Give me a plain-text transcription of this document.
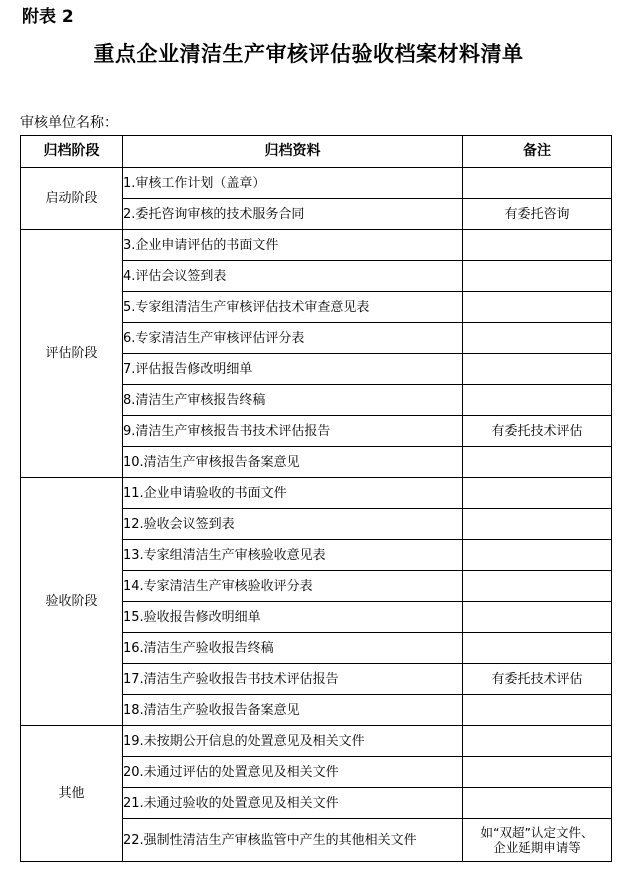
附表 2
重点企业清洁生产审核评估验收档案材料清单
审核单位名称：
归档阶段	归档资料	备注
启动阶段	1.审核工作计划（盖章）	
	2.委托咨询审核的技术服务合同	有委托咨询
评估阶段	3.企业申请评估的书面文件	
	4.评估会议签到表	
	5.专家组清洁生产审核评估技术审查意见表	
	6.专家清洁生产审核评估评分表	
	7.评估报告修改明细单	
	8.清洁生产审核报告终稿	
	9.清洁生产审核报告书技术评估报告	有委托技术评估
	10.清洁生产审核报告备案意见	
验收阶段	11.企业申请验收的书面文件	
	12.验收会议签到表	
	13.专家组清洁生产审核验收意见表	
	14.专家清洁生产审核验收评分表	
	15.验收报告修改明细单	
	16.清洁生产验收报告终稿	
	17.清洁生产验收报告书技术评估报告	有委托技术评估
	18.清洁生产验收报告备案意见	
其他	19.未按期公开信息的处置意见及相关文件	
	20.未通过评估的处置意见及相关文件	
	21.未通过验收的处置意见及相关文件	
	22.强制性清洁生产审核监管中产生的其他相关文件	如“双超”认定文件、
企业延期申请等
